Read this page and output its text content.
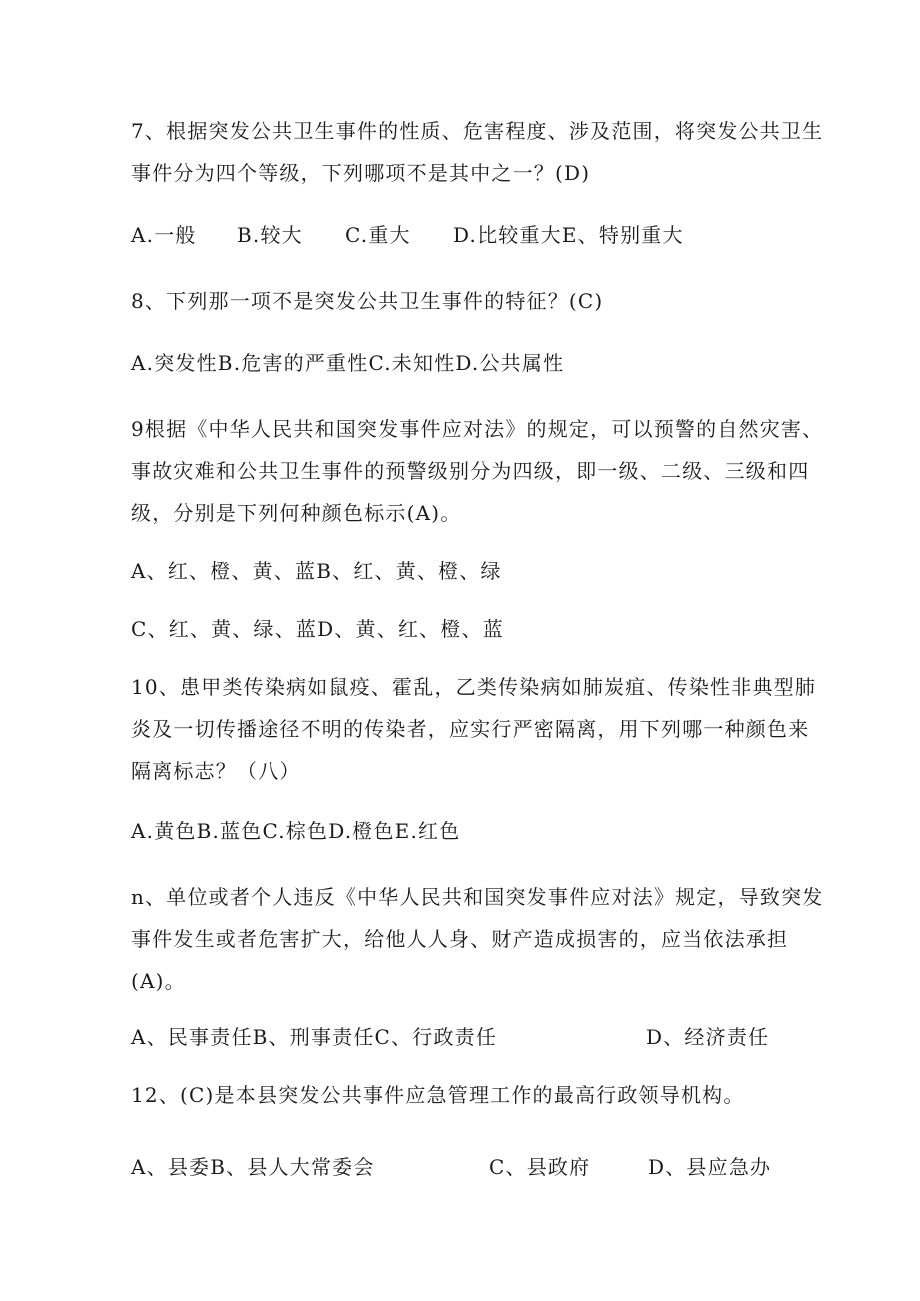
7、根据突发公共卫生事件的性质、危害程度、涉及范围，将突发公共卫生
事件分为四个等级，下列哪项不是其中之一？(D)
A.一般 B.较大 C.重大 D.比较重大E、特别重大
8、下列那一项不是突发公共卫生事件的特征？(C)
A.突发性B.危害的严重性C.未知性D.公共属性
9根据《中华人民共和国突发事件应对法》的规定，可以预警的自然灾害、
事故灾难和公共卫生事件的预警级别分为四级，即一级、二级、三级和四
级，分别是下列何种颜色标示(A)。
A、红、橙、黄、蓝B、红、黄、橙、绿
C、红、黄、绿、蓝D、黄、红、橙、蓝
10、患甲类传染病如鼠疫、霍乱，乙类传染病如肺炭疽、传染性非典型肺
炎及一切传播途径不明的传染者，应实行严密隔离，用下列哪一种颜色来
隔离标志？（八）
A.黄色B.蓝色C.棕色D.橙色E.红色
n、单位或者个人违反《中华人民共和国突发事件应对法》规定，导致突发
事件发生或者危害扩大，给他人人身、财产造成损害的，应当依法承担
(A)。
A、民事责任B、刑事责任C、行政责任	D、经济责任
12、(C)是本县突发公共事件应急管理工作的最高行政领导机构。
A、县委B、县人大常委会	C、县政府	D、县应急办
